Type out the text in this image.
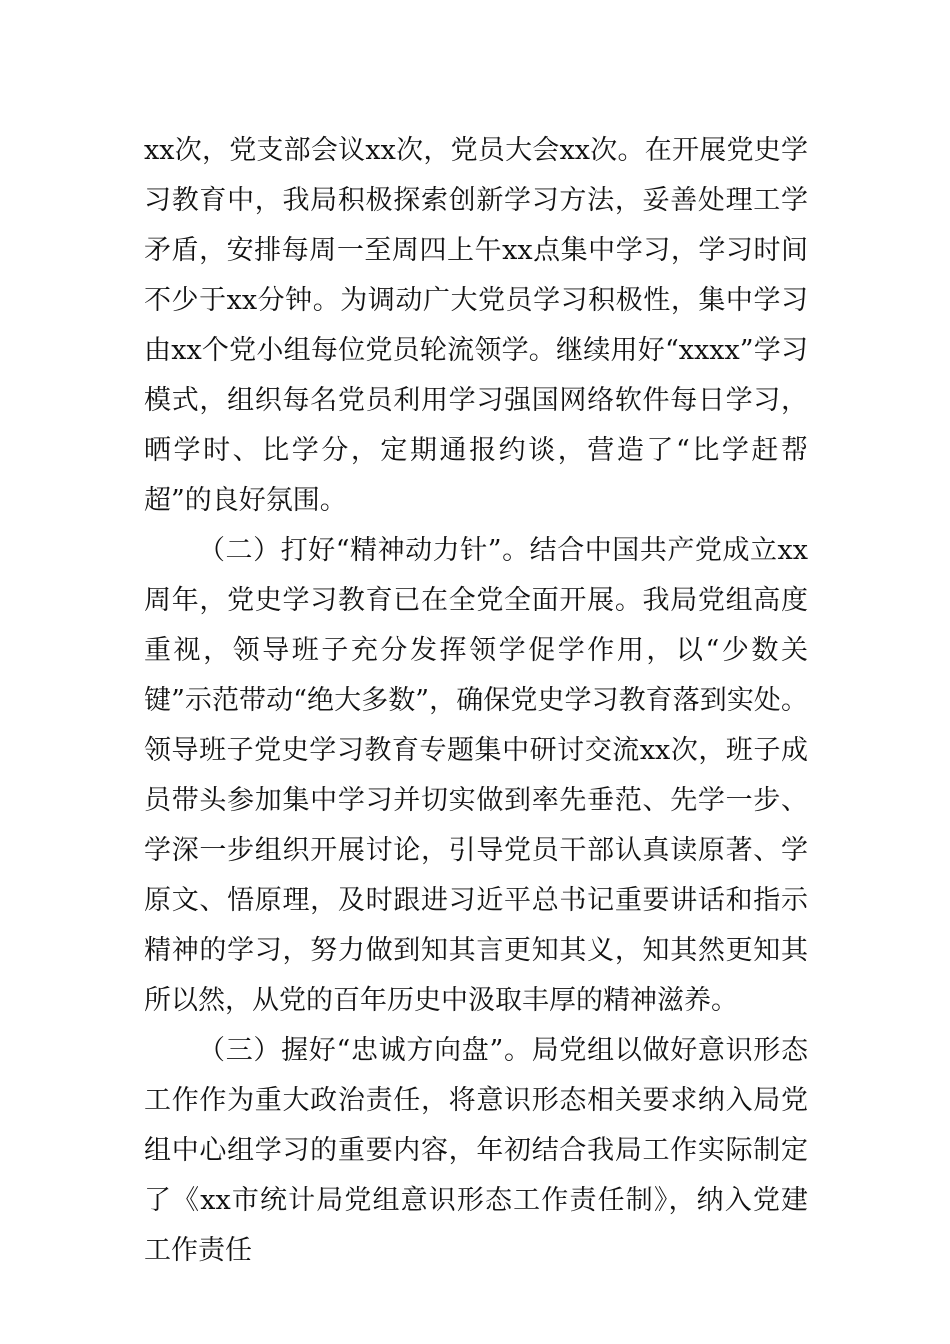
xx次，党支部会议xx次，党员大会xx次。在开展党史学习教育中，我局积极探索创新学习方法，妥善处理工学矛盾，安排每周一至周四上午xx点集中学习，学习时间不少于xx分钟。为调动广大党员学习积极性，集中学习由xx个党小组每位党员轮流领学。继续用好“xxxx”学习模式，组织每名党员利用学习强国网络软件每日学习，晒学时、比学分，定期通报约谈，营造了“比学赶帮超”的良好氛围。

（二）打好“精神动力针”。结合中国共产党成立xx周年，党史学习教育已在全党全面开展。我局党组高度重视，领导班子充分发挥领学促学作用，以“少数关键”示范带动“绝大多数”，确保党史学习教育落到实处。领导班子党史学习教育专题集中研讨交流xx次，班子成员带头参加集中学习并切实做到率先垂范、先学一步、学深一步组织开展讨论，引导党员干部认真读原著、学原文、悟原理，及时跟进习近平总书记重要讲话和指示精神的学习，努力做到知其言更知其义，知其然更知其所以然，从党的百年历史中汲取丰厚的精神滋养。

（三）握好“忠诚方向盘”。局党组以做好意识形态工作作为重大政治责任，将意识形态相关要求纳入局党组中心组学习的重要内容，年初结合我局工作实际制定了《xx市统计局党组意识形态工作责任制》，纳入党建工作责任
